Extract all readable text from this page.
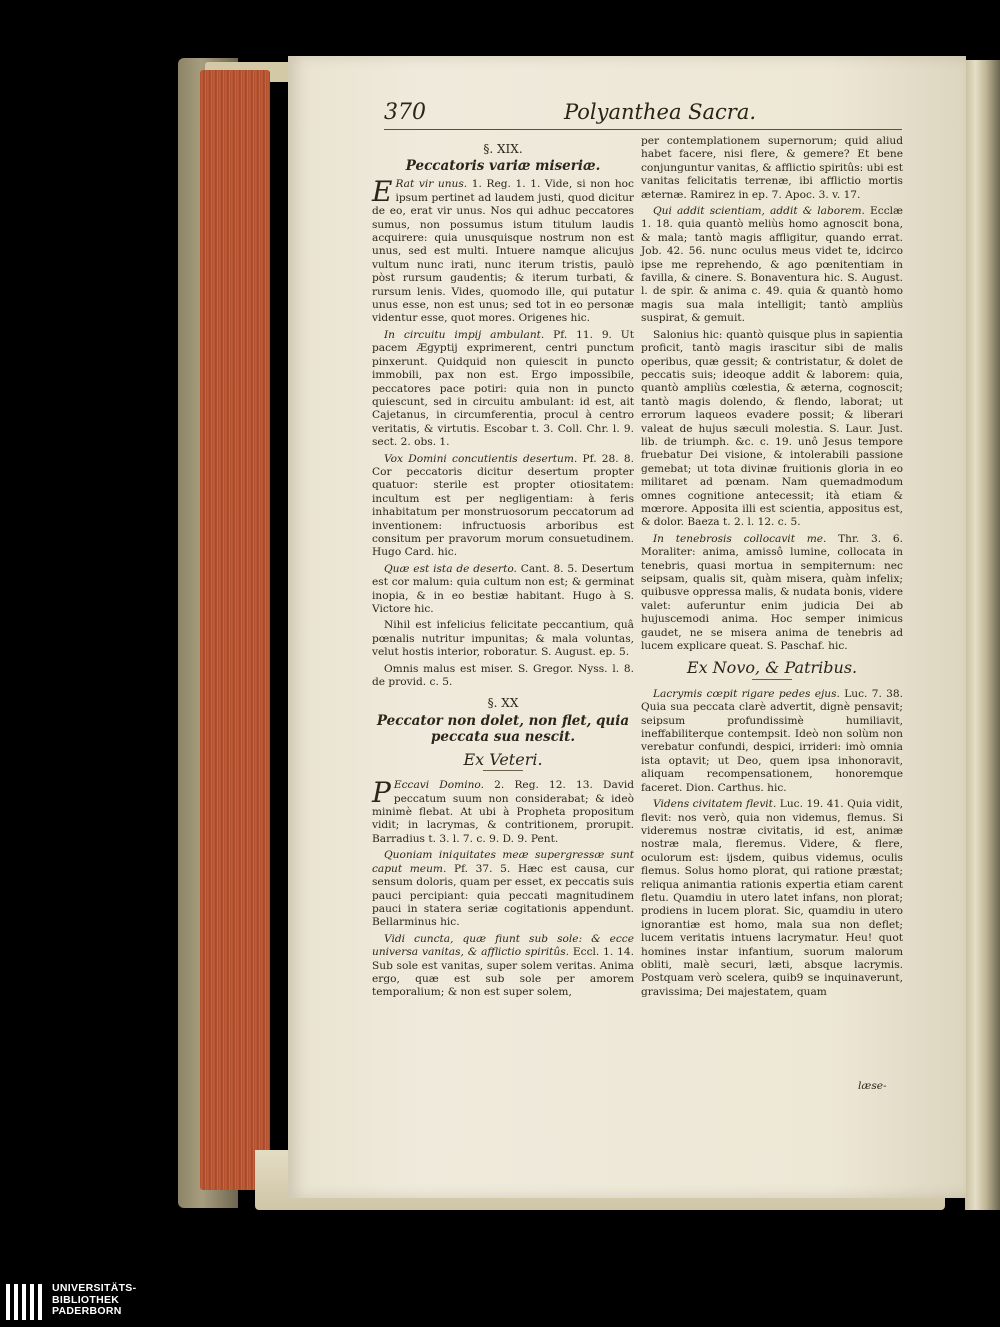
370	Polyanthea Sacra.
§. XIX.
Peccatoris variæ miseriæ.

E Rat vir unus. 1. Reg. 1. 1. Vide, si non hoc ipsum pertinet ad laudem justi, quod dicitur de eo, erat vir unus. Nos qui adhuc peccatores sumus, non possumus istum titulum laudis acquirere: quia unusquisque nostrum non est unus, sed est multi. Intuere namque alicujus vultum nunc irati, nunc iterum tristis, paulò pòst rursum gaudentis; & iterum turbati, & rursum lenis. Vides, quomodo ille, qui putatur unus esse, non est unus; sed tot in eo personæ videntur esse, quot mores. Origenes hic.

In circuitu impij ambulant. Pf. 11. 9. Ut pacem Ægyptij exprimerent, centri punctum pinxerunt. Quidquid non quiescit in puncto immobili, pax non est. Ergo impossibile, peccatores pace potiri: quia non in puncto quiescunt, sed in circuitu ambulant: id est, ait Cajetanus, in circumferentia, procul à centro veritatis, & virtutis. Escobar t. 3. Coll. Chr. l. 9. sect. 2. obs. 1.

Vox Domini concutientis desertum. Pf. 28. 8. Cor peccatoris dicitur desertum propter quatuor: sterile est propter otiositatem: incultum est per negligentiam: à feris inhabitatum per monstruosorum peccatorum ad inventionem: infructuosis arboribus est consitum per pravorum morum consuetudinem. Hugo Card. hic.

Quæ est ista de deserto. Cant. 8. 5. Desertum est cor malum: quia cultum non est; & germinat inopia, & in eo bestiæ habitant. Hugo à S. Victore hic.

Nihil est infelicius felicitate peccantium, quâ pœnalis nutritur impunitas; & mala voluntas, velut hostis interior, roboratur. S. August. ep. 5.

Omnis malus est miser. S. Gregor. Nyss. l. 8. de provid. c. 5.

§. XX
Peccator non dolet, non flet, quia peccata sua nescit.
Ex Veteri.

P Eccavi Domino. 2. Reg. 12. 13. David peccatum suum non considerabat; & ideò minimè flebat. At ubi à Propheta propositum vidit; in lacrymas, & contritionem, prorupit. Barradius t. 3. l. 7. c. 9. D. 9. Pent.

Quoniam iniquitates meæ supergressæ sunt caput meum. Pf. 37. 5. Hæc est causa, cur sensum doloris, quam per esset, ex peccatis suis pauci percipiant: quia peccati magnitudinem pauci in statera seriæ cogitationis appendunt. Bellarminus hic.

Vidi cuncta, quæ fiunt sub sole: & ecce universa vanitas, & afflictio spiritûs. Eccl. 1. 14. Sub sole est vanitas, super solem veritas. Anima ergo, quæ est sub sole per amorem temporalium; & non est super solem,

per contemplationem supernorum; quid aliud habet facere, nisi flere, & gemere? Et bene conjunguntur vanitas, & afflictio spiritûs: ubi est vanitas felicitatis terrenæ, ibi afflictio mortis æternæ. Ramirez in ep. 7. Apoc. 3. v. 17.

Qui addit scientiam, addit & laborem. Ecclæ 1. 18. quia quantò meliùs homo agnoscit bona, & mala; tantò magis affligitur, quando errat. Job. 42. 56. nunc oculus meus videt te, idcirco ipse me reprehendo, & ago pœnitentiam in favilla, & cinere. S. Bonaventura hic. S. August. l. de spir. & anima c. 49. quia & quantò homo magis sua mala intelligit; tantò ampliùs suspirat, & gemuit.

Salonius hic: quantò quisque plus in sapientia proficit, tantò magis irascitur sibi de malis operibus, quæ gessit; & contristatur, & dolet de peccatis suis; ideoque addit & laborem: quia, quantò ampliùs cœlestia, & æterna, cognoscit; tantò magis dolendo, & flendo, laborat; ut errorum laqueos evadere possit; & liberari valeat de hujus sæculi molestia. S. Laur. Just. lib. de triumph. &c. c. 19. unô Jesus tempore fruebatur Dei visione, & intolerabili passione gemebat; ut tota divinæ fruitionis gloria in eo militaret ad pœnam. Nam quemadmodum omnes cognitione antecessit; ità etiam & mœrore. Apposita illi est scientia, appositus est, & dolor. Baeza t. 2. l. 12. c. 5.

In tenebrosis collocavit me. Thr. 3. 6. Moraliter: anima, amissô lumine, collocata in tenebris, quasi mortua in sempiternum: nec seipsam, qualis sit, quàm misera, quàm infelix; quibusve oppressa malis, & nudata bonis, videre valet: auferuntur enim judicia Dei ab hujuscemodi anima. Hoc semper inimicus gaudet, ne se misera anima de tenebris ad lucem explicare queat. S. Paschaf. hic.

Ex Novo, & Patribus.

Lacrymis cœpit rigare pedes ejus. Luc. 7. 38. Quia sua peccata clarè advertit, dignè pensavit; seipsum profundissimè humiliavit, ineffabiliterque contempsit. Ideò non solùm non verebatur confundi, despici, irrideri: imò omnia ista optavit; ut Deo, quem ipsa inhonoravit, aliquam recompensationem, honoremque faceret. Dion. Carthus. hic.

Videns civitatem flevit. Luc. 19. 41. Quia vidit, flevit: nos verò, quia non videmus, flemus. Si videremus nostræ civitatis, id est, animæ nostræ mala, fleremus. Videre, & flere, oculorum est: ijsdem, quibus videmus, oculis flemus. Solus homo plorat, qui ratione præstat; reliqua animantia rationis expertia etiam carent fletu. Quamdiu in utero latet infans, non plorat; prodiens in lucem plorat. Sic, quamdiu in utero ignorantiæ est homo, mala sua non deflet; lucem veritatis intuens lacrymatur. Heu! quot homines instar infantium, suorum malorum obliti, malè securi, læti, absque lacrymis. Postquam verò scelera, quib9 se inquinaverunt, gravissima; Dei majestatem, quam

læse-
UNIVERSITÄTS-
BIBLIOTHEK
PADERBORN
